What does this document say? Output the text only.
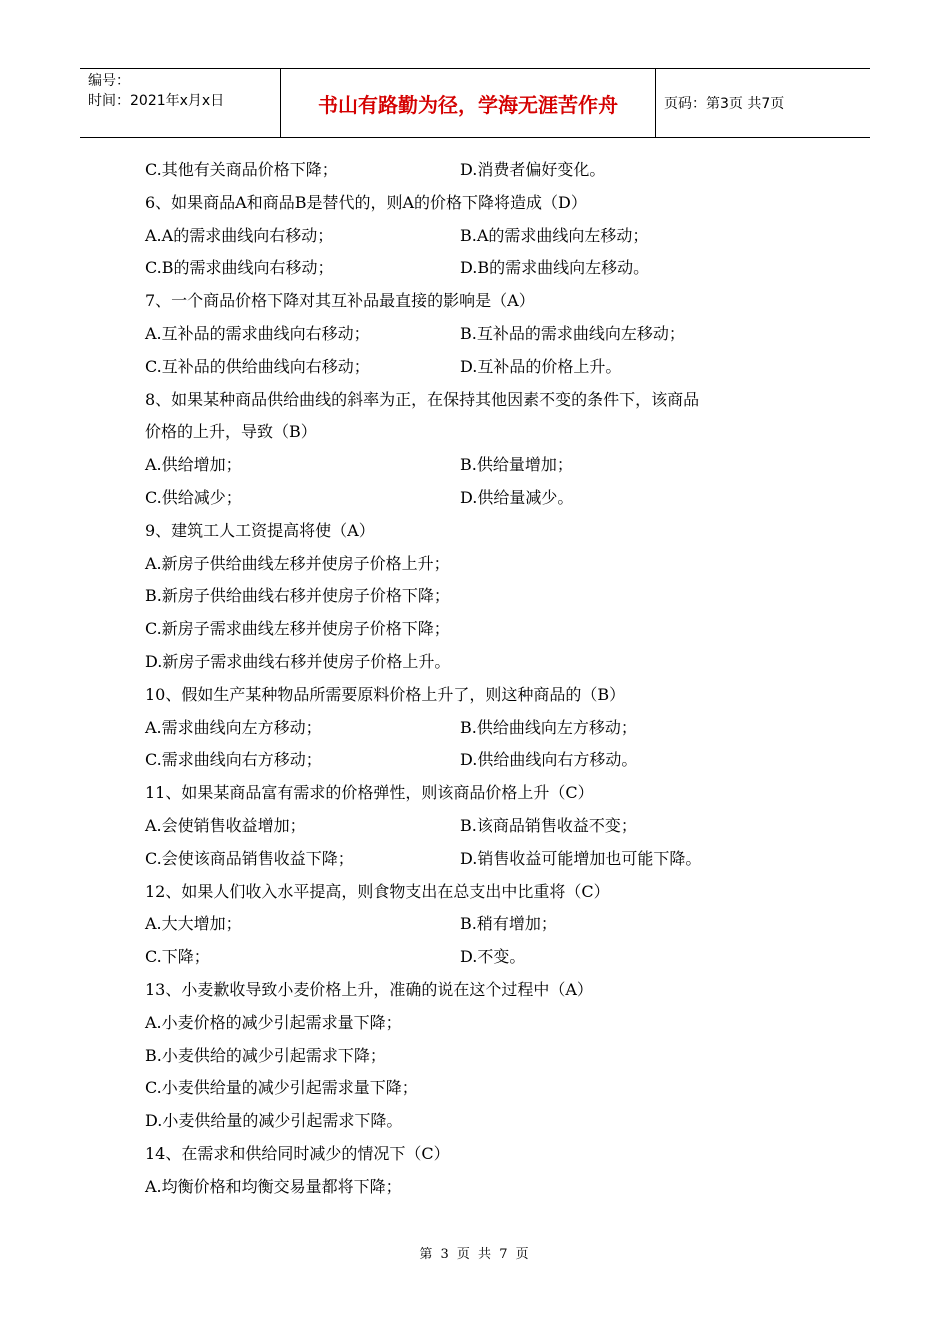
编号：
时间：2021年x月x日	书山有路勤为径，学海无涯苦作舟	页码：第3页 共7页
C.其他有关商品价格下降；	D.消费者偏好变化。
6、如果商品A和商品B是替代的，则A的价格下降将造成（D）
A.A的需求曲线向右移动；	B.A的需求曲线向左移动；
C.B的需求曲线向右移动；	D.B的需求曲线向左移动。
7、一个商品价格下降对其互补品最直接的影响是（A）
A.互补品的需求曲线向右移动；	B.互补品的需求曲线向左移动；
C.互补品的供给曲线向右移动；	D.互补品的价格上升。
8、如果某种商品供给曲线的斜率为正，在保持其他因素不变的条件下，该商品
价格的上升，导致（B）
A.供给增加；	B.供给量增加；
C.供给减少；	D.供给量减少。
9、建筑工人工资提高将使（A）
A.新房子供给曲线左移并使房子价格上升；
B.新房子供给曲线右移并使房子价格下降；
C.新房子需求曲线左移并使房子价格下降；
D.新房子需求曲线右移并使房子价格上升。
10、假如生产某种物品所需要原料价格上升了，则这种商品的（B）
A.需求曲线向左方移动；	B.供给曲线向左方移动；
C.需求曲线向右方移动；	D.供给曲线向右方移动。
11、如果某商品富有需求的价格弹性，则该商品价格上升（C）
A.会使销售收益增加；	B.该商品销售收益不变；
C.会使该商品销售收益下降；	D.销售收益可能增加也可能下降。
12、如果人们收入水平提高，则食物支出在总支出中比重将（C）
A.大大增加；	B.稍有增加；
C.下降；	D.不变。
13、小麦歉收导致小麦价格上升，准确的说在这个过程中（A）
A.小麦价格的减少引起需求量下降；
B.小麦供给的减少引起需求下降；
C.小麦供给量的减少引起需求量下降；
D.小麦供给量的减少引起需求下降。
14、在需求和供给同时减少的情况下（C）
A.均衡价格和均衡交易量都将下降；
第 3 页 共 7 页
